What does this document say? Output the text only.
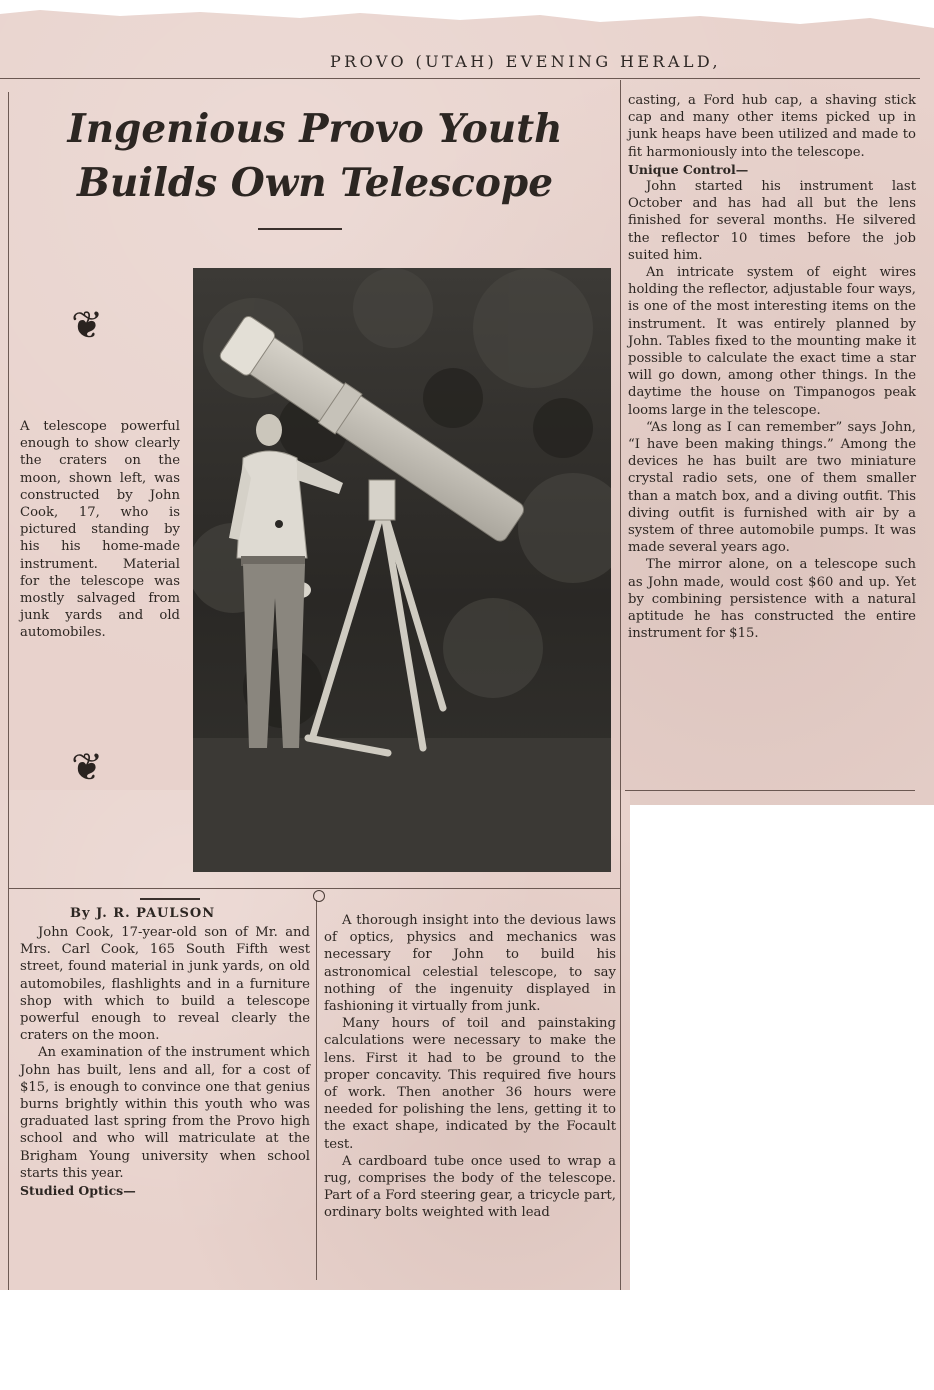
PROVO (UTAH) EVENING HERALD,
Ingenious Provo Youth
Builds Own Telescope
❦
❦
A telescope powerful enough to show clearly the craters on the moon, shown left, was constructed by John Cook, 17, who is pictured standing by his his home-made instrument. Material for the telescope was mostly salvaged from junk yards and old automobiles.

casting, a Ford hub cap, a shaving stick cap and many other items picked up in junk heaps have been utilized and made to fit harmoniously into the telescope.

Unique Control—

John started his instrument last October and has had all but the lens finished for several months. He silvered the reflector 10 times before the job suited him.

An intricate system of eight wires holding the reflector, adjustable four ways, is one of the most interesting items on the instrument. It was entirely planned by John. Tables fixed to the mounting make it possible to calculate the exact time a star will go down, among other things. In the daytime the house on Timpanogos peak looms large in the telescope.

“As long as I can remember” says John, “I have been making things.” Among the devices he has built are two miniature crystal radio sets, one of them smaller than a match box, and a diving outfit. This diving outfit is furnished with air by a system of three automobile pumps. It was made several years ago.

The mirror alone, on a telescope such as John made, would cost $60 and up. Yet by combining persistence with a natural aptitude he has constructed the entire instrument for $15.

By J. R. PAULSON

John Cook, 17-year-old son of Mr. and Mrs. Carl Cook, 165 South Fifth west street, found material in junk yards, on old automobiles, flashlights and in a furniture shop with which to build a telescope powerful enough to reveal clearly the craters on the moon.

An examination of the instrument which John has built, lens and all, for a cost of $15, is enough to convince one that genius burns brightly within this youth who was graduated last spring from the Provo high school and who will matriculate at the Brigham Young university when school starts this year.

Studied Optics—

A thorough insight into the devious laws of optics, physics and mechanics was necessary for John to build his astronomical celestial telescope, to say nothing of the ingenuity displayed in fashioning it virtually from junk.

Many hours of toil and painstaking calculations were necessary to make the lens. First it had to be ground to the proper concavity. This required five hours of work. Then another 36 hours were needed for polishing the lens, getting it to the exact shape, indicated by the Focault test.

A cardboard tube once used to wrap a rug, comprises the body of the telescope. Part of a Ford steering gear, a tricycle part, ordinary bolts weighted with lead
